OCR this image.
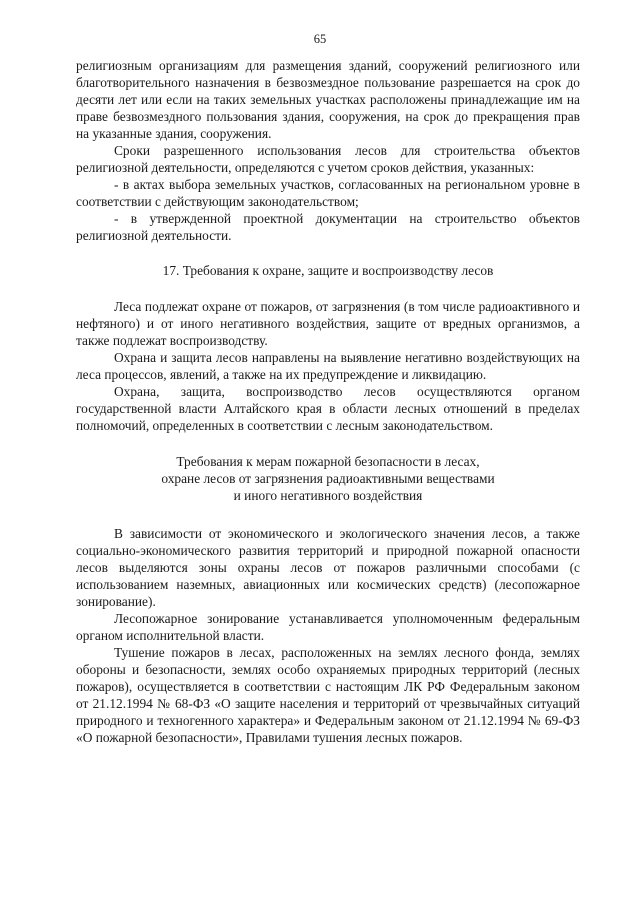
65

религиозным организациям для размещения зданий, сооружений религиозного или благотворительного назначения в безвозмездное пользование разрешается на срок до десяти лет или если на таких земельных участках расположены принадлежащие им на праве безвозмездного пользования здания, сооружения, на срок до прекращения прав на указанные здания, сооружения.

Сроки разрешенного использования лесов для строительства объектов религиозной деятельности, определяются с учетом сроков действия, указанных:

- в актах выбора земельных участков, согласованных на региональном уровне в соответствии с действующим законодательством;

- в утвержденной проектной документации на строительство объектов религиозной деятельности.

17. Требования к охране, защите и воспроизводству лесов

Леса подлежат охране от пожаров, от загрязнения (в том числе радиоактивного и нефтяного) и от иного негативного воздействия, защите от вредных организмов, а также подлежат воспроизводству.

Охрана и защита лесов направлены на выявление негативно воздействующих на леса процессов, явлений, а также на их предупреждение и ликвидацию.

Охрана, защита, воспроизводство лесов осуществляются органом государственной власти Алтайского края в области лесных отношений в пределах полномочий, определенных в соответствии с лесным законодательством.

Требования к мерам пожарной безопасности в лесах,
охране лесов от загрязнения радиоактивными веществами
и иного негативного воздействия

В зависимости от экономического и экологического значения лесов, а также социально-экономического развития территорий и природной пожарной опасности лесов выделяются зоны охраны лесов от пожаров различными способами (с использованием наземных, авиационных или космических средств) (лесопожарное зонирование).

Лесопожарное зонирование устанавливается уполномоченным федеральным органом исполнительной власти.

Тушение пожаров в лесах, расположенных на землях лесного фонда, землях обороны и безопасности, землях особо охраняемых природных территорий (лесных пожаров), осуществляется в соответствии с настоящим ЛК РФ Федеральным законом от 21.12.1994 № 68-ФЗ «О защите населения и территорий от чрезвычайных ситуаций природного и техногенного характера» и Федеральным законом от 21.12.1994 № 69-ФЗ «О пожарной безопасности», Правилами тушения лесных пожаров.
